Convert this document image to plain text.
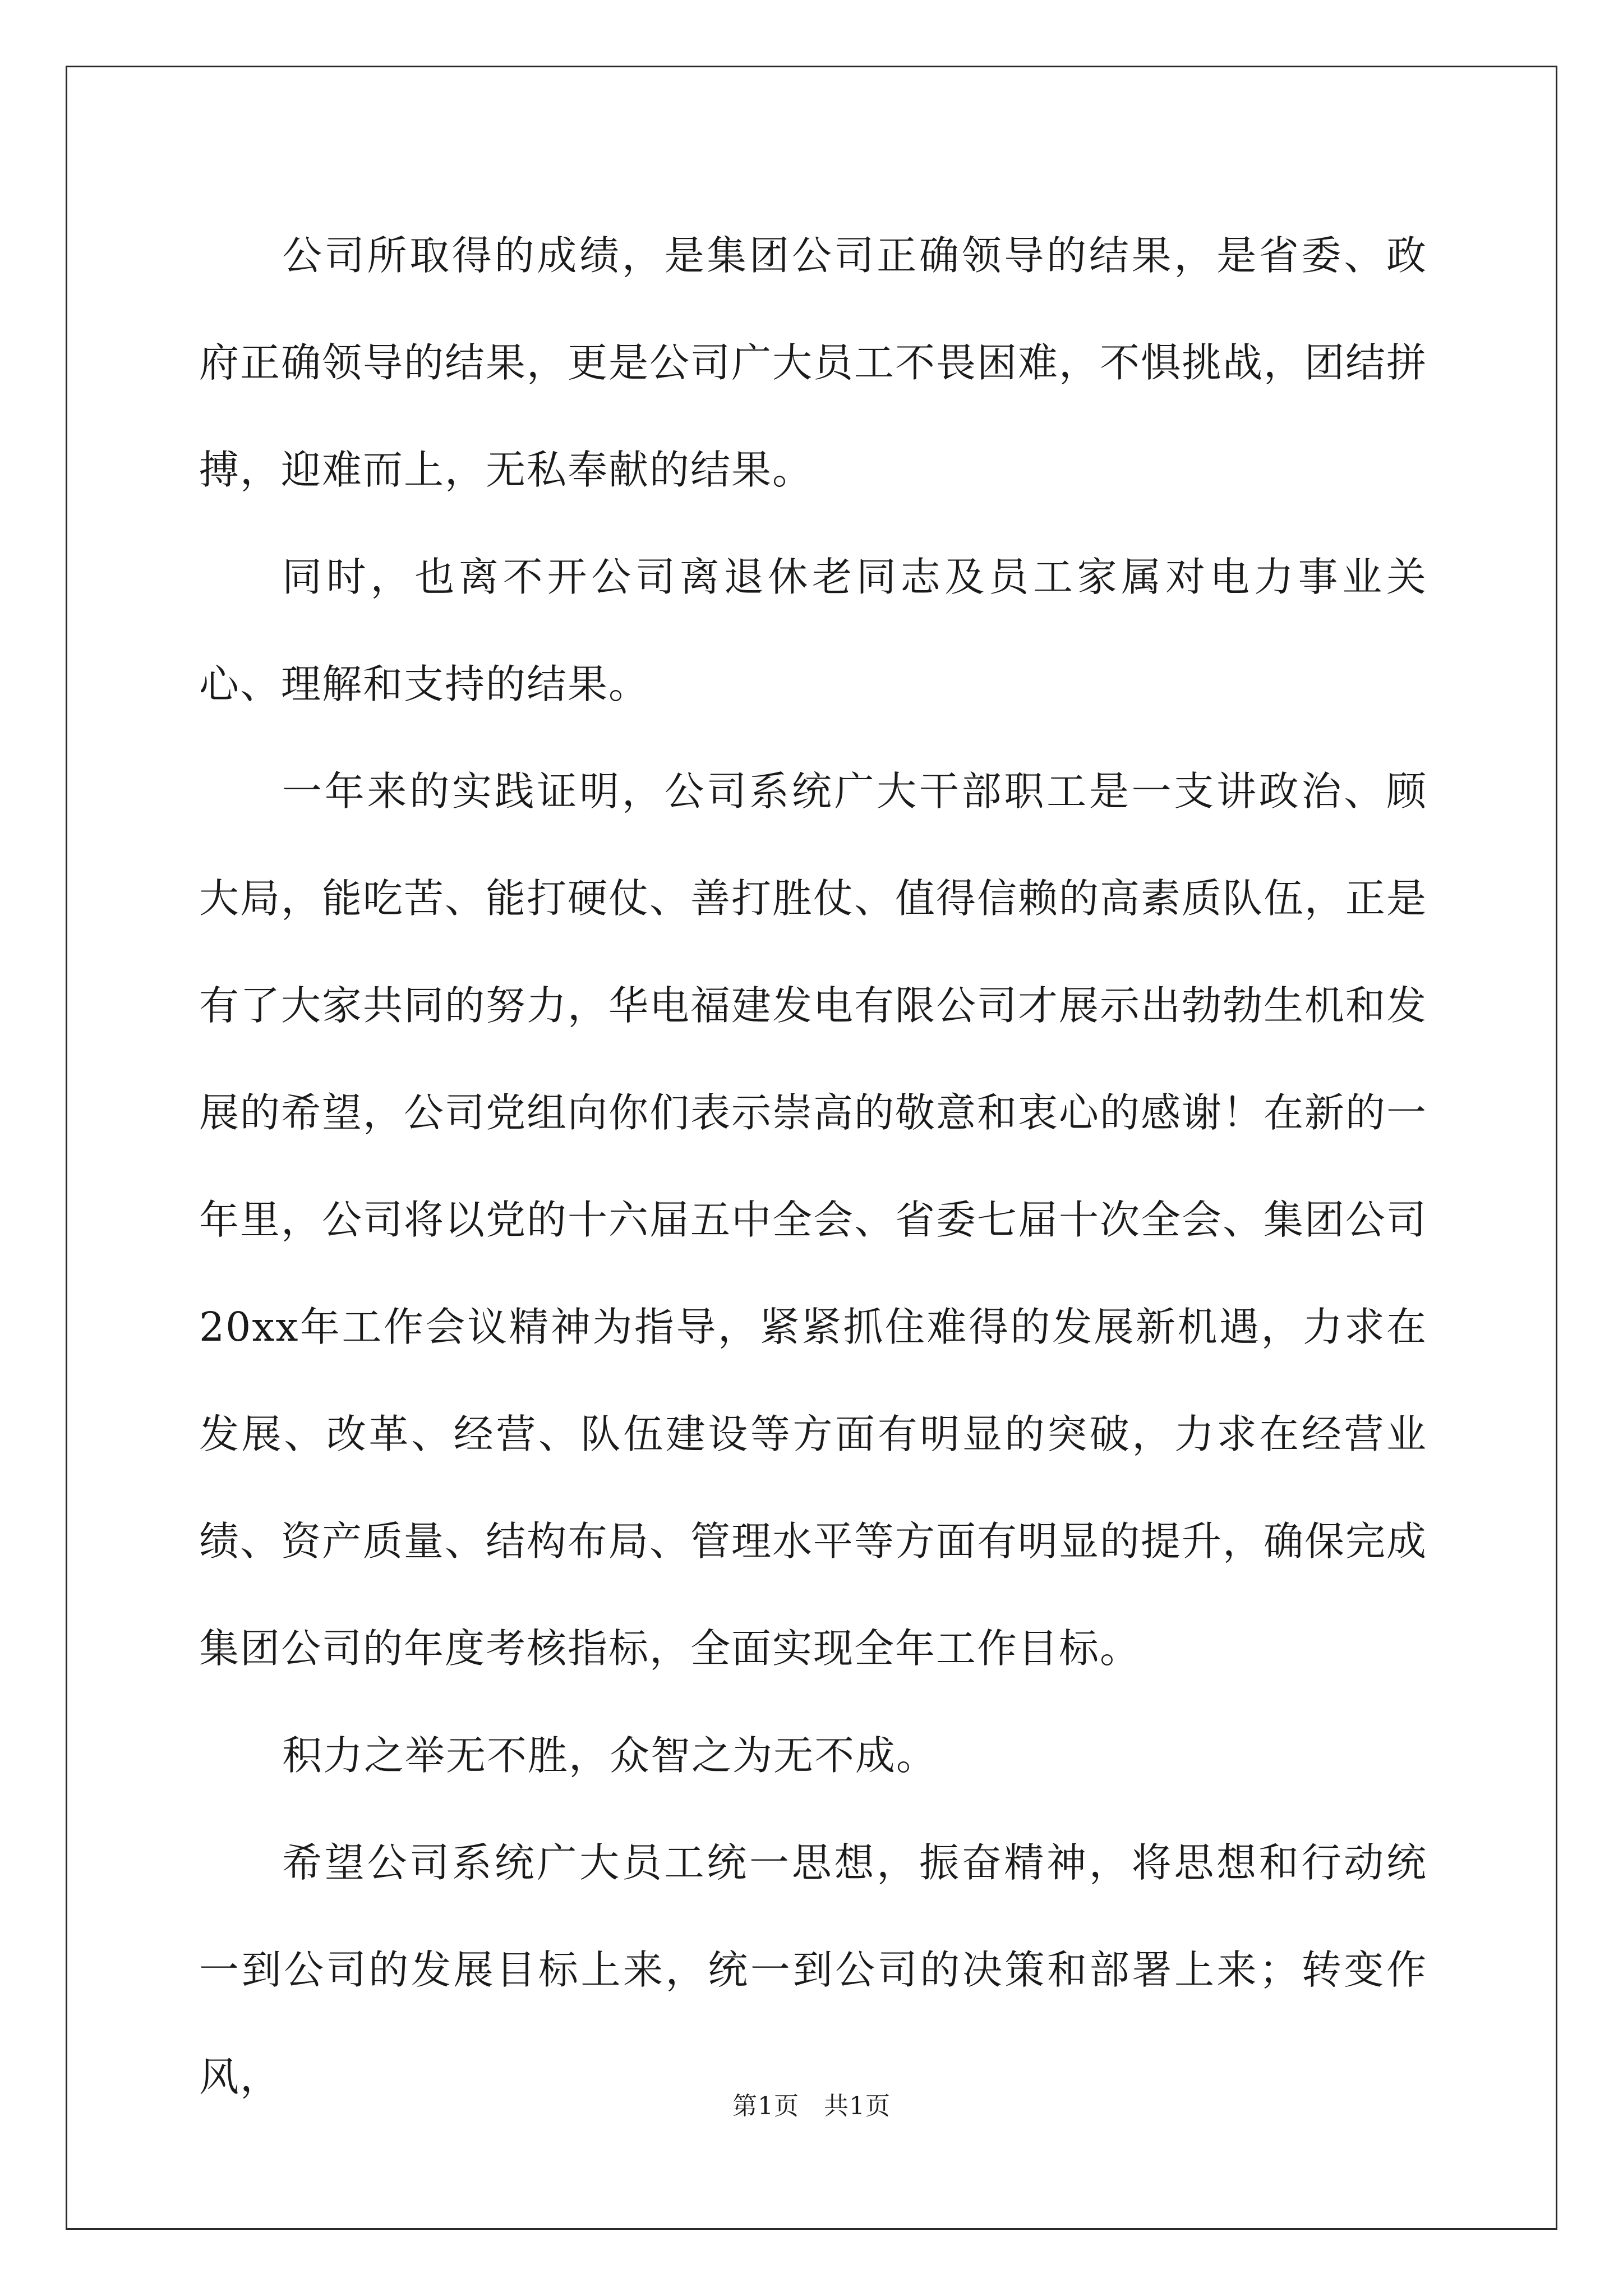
公司所取得的成绩，是集团公司正确领导的结果，是省委、政府正确领导的结果，更是公司广大员工不畏困难，不惧挑战，团结拼搏，迎难而上，无私奉献的结果。

同时，也离不开公司离退休老同志及员工家属对电力事业关心、理解和支持的结果。

一年来的实践证明，公司系统广大干部职工是一支讲政治、顾大局，能吃苦、能打硬仗、善打胜仗、值得信赖的高素质队伍，正是有了大家共同的努力，华电福建发电有限公司才展示出勃勃生机和发展的希望，公司党组向你们表示崇高的敬意和衷心的感谢！在新的一年里，公司将以党的十六届五中全会、省委七届十次全会、集团公司20xx年工作会议精神为指导，紧紧抓住难得的发展新机遇，力求在发展、改革、经营、队伍建设等方面有明显的突破，力求在经营业绩、资产质量、结构布局、管理水平等方面有明显的提升，确保完成集团公司的年度考核指标，全面实现全年工作目标。

积力之举无不胜，众智之为无不成。

希望公司系统广大员工统一思想，振奋精神，将思想和行动统一到公司的发展目标上来，统一到公司的决策和部署上来；转变作风，

第1页 共1页
